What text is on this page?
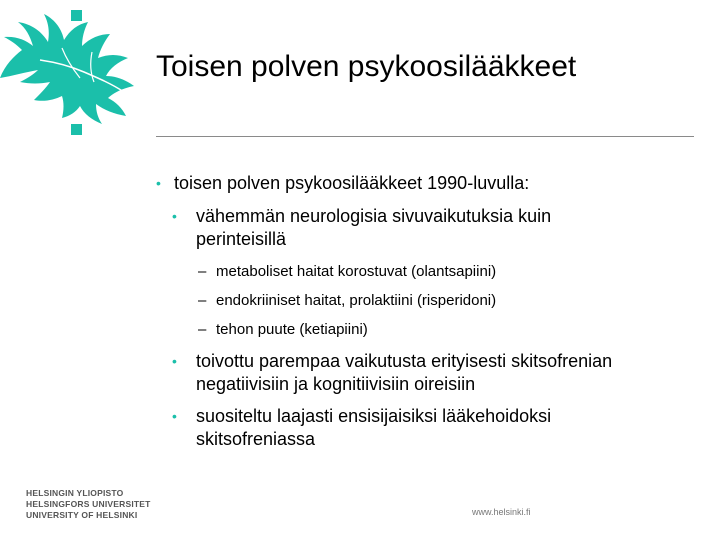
Toisen polven psykoosilääkkeet
• toisen polven psykoosilääkkeet 1990-luvulla:
• vähemmän neurologisia sivuvaikutuksia kuin perinteisillä
– metaboliset haitat korostuvat (olantsapiini)
– endokriiniset haitat, prolaktiini (risperidoni)
– tehon puute (ketiapiini)
• toivottu parempaa vaikutusta erityisesti skitsofrenian negatiivisiin ja kognitiivisiin oireisiin
• suositeltu laajasti ensisijaisiksi lääkehoidoksi skitsofreniassa
HELSINGIN YLIOPISTO
HELSINGFORS UNIVERSITET
UNIVERSITY OF HELSINKI	www.helsinki.fi
